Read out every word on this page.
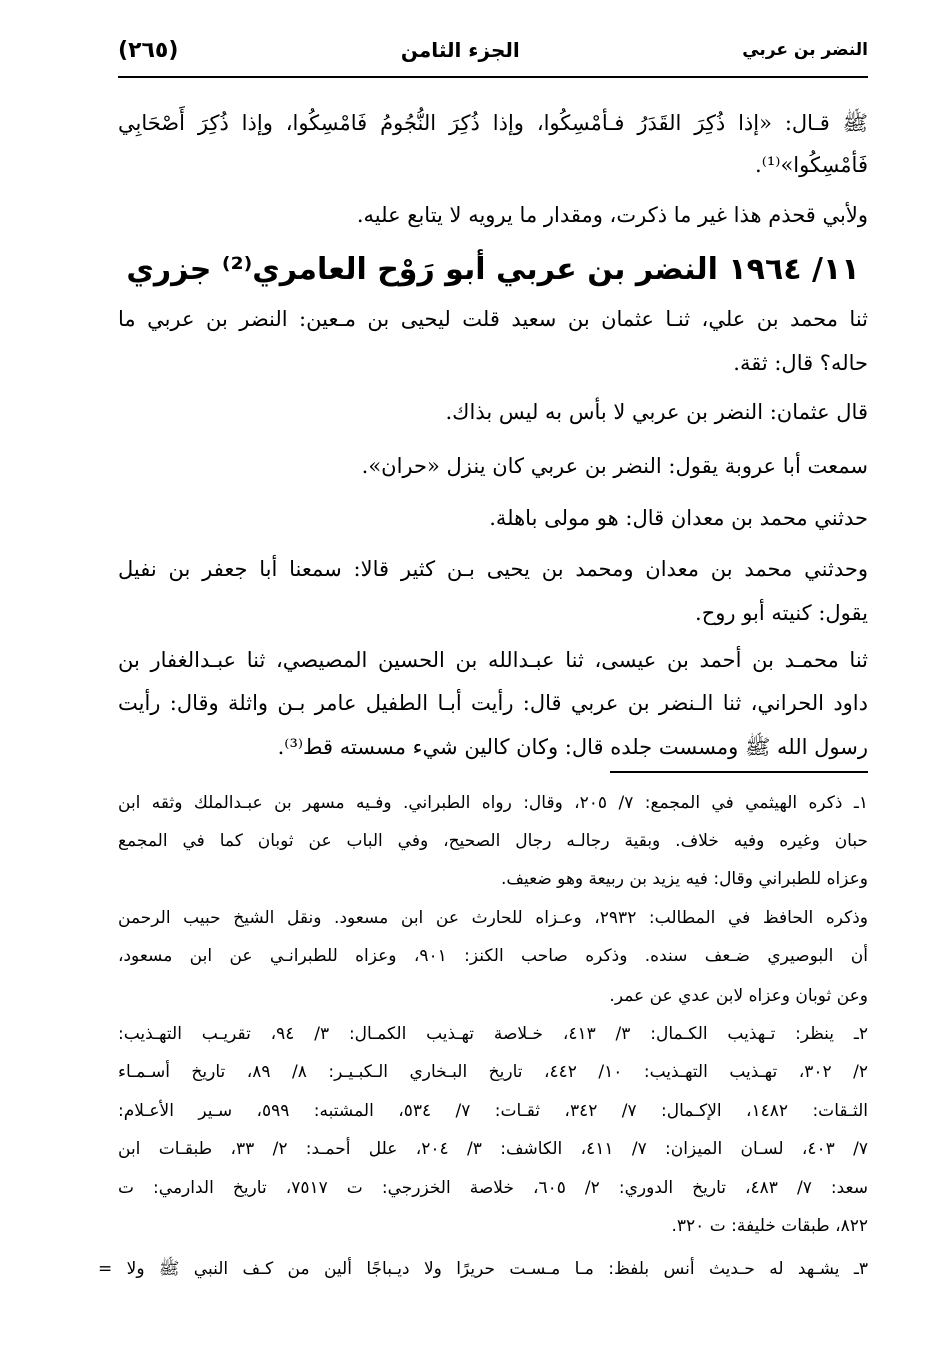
النضر بن عربي
الجزء الثامن
(٢٦٥)
ﷺ قـال: «إذا ذُكِرَ القَدَرُ فـأمْسِكُوا، وإذا ذُكِرَ النُّجُومُ فَامْسِكُوا، وإذا ذُكِرَ أَصْحَابِي
فَأمْسِكُوا»⁽¹⁾.
ولأبي قحذم هذا غير ما ذكرت، ومقدار ما يرويه لا يتابع عليه.
١١/ ١٩٦٤ النضر بن عربي أبو رَوْح العامري⁽²⁾ جزري
ثنا محمد بن علي، ثنـا عثمان بن سعيد قلت ليحيى بن مـعين: النضر بن عربي ما
حاله؟ قال: ثقة.
قال عثمان: النضر بن عربي لا بأس به ليس بذاك.
سمعت أبا عروبة يقول: النضر بن عربي كان ينزل «حران».
حدثني محمد بن معدان قال: هو مولى باهلة.
وحدثني محمد بن معدان ومحمد بن يحيى بـن كثير قالا: سمعنا أبا جعفر بن نفيل
يقول: كنيته أبو روح.
ثنا محمـد بن أحمد بن عيسى، ثنا عبـدالله بن الحسين المصيصي، ثنا عبـدالغفار بن
داود الحراني، ثنا الـنضر بن عربي قال: رأيت أبـا الطفيل عامر بـن واثلة وقال: رأيت
رسول الله ﷺ ومسست جلده قال: وكان كالين شيء مسسته قط⁽³⁾.
١ـ ذكره الهيثمي في المجمع: ٧/ ٢٠٥، وقال: رواه الطبراني. وفـيه مسهر بن عبـدالملك وثقه ابن
حبان وغيره وفيه خلاف. وبقية رجالـه رجال الصحيح، وفي الباب عن ثوبان كما في المجمع
وعزاه للطبراني وقال: فيه يزيد بن ربيعة وهو ضعيف.
وذكره الحافظ في المطالب: ٢٩٣٢، وعـزاه للحارث عن ابن مسعود. ونقل الشيخ حبيب الرحمن
أن البوصيري ضـعف سنده. وذكره صاحب الكنز: ٩٠١، وعزاه للطبرانـي عن ابن مسعود،
وعن ثوبان وعزاه لابن عدي عن عمر.
٢ـ ينظر: تـهذيب الكـمال: ٣/ ٤١٣، خـلاصة تهـذيب الكمـال: ٣/ ٩٤، تقريـب التهـذيب:
٢/ ٣٠٢، تهـذيب التهـذيب: ١٠/ ٤٤٢، تاريخ البـخاري الـكبـيـر: ٨/ ٨٩، تاريخ أسـمـاء
الثـقات: ١٤٨٢، الإكـمال: ٧/ ٣٤٢، ثقـات: ٧/ ٥٣٤، المشتبه: ٥٩٩، سـير الأعـلام:
٧/ ٤٠٣، لسـان الميزان: ٧/ ٤١١، الكاشف: ٣/ ٢٠٤، علل أحمـد: ٢/ ٣٣، طبقـات ابن
سعد: ٧/ ٤٨٣، تاريخ الدوري: ٢/ ٦٠٥، خلاصة الخزرجي: ت ٧٥١٧، تاريخ الدارمي: ت
٨٢٢، طبقات خليفة: ت ٣٢٠.
٣ـ يشـهد له حـديث أنس بلفظ: مـا مـسـت حريرًا ولا ديـباجًا ألين من كـف النبي ﷺ ولا =
